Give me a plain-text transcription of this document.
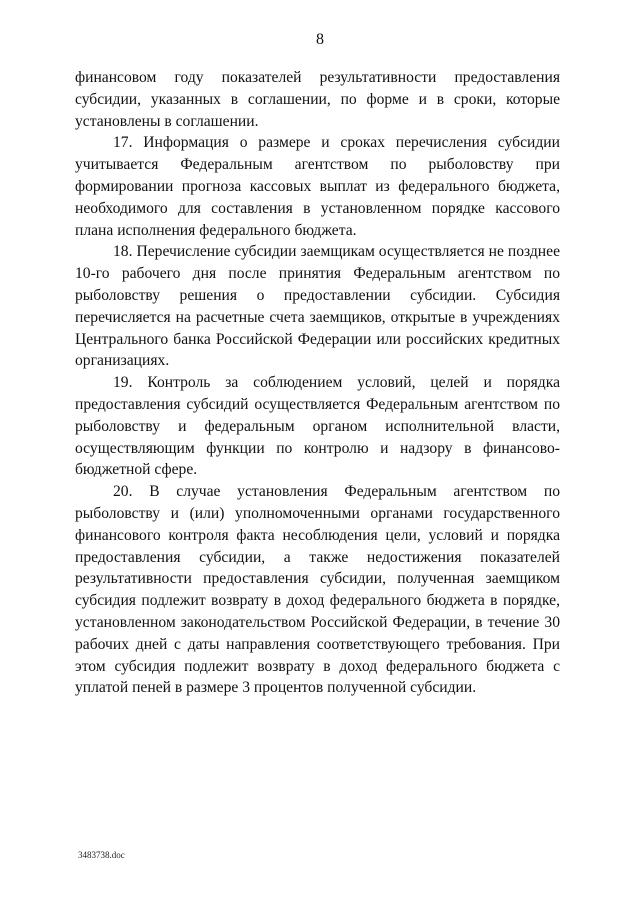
8

финансовом году показателей результативности предоставления субсидии, указанных в соглашении, по форме и в сроки, которые установлены в соглашении.

17. Информация о размере и сроках перечисления субсидии учитывается Федеральным агентством по рыболовству при формировании прогноза кассовых выплат из федерального бюджета, необходимого для составления в установленном порядке кассового плана исполнения федерального бюджета.

18. Перечисление субсидии заемщикам осуществляется не позднее 10-го рабочего дня после принятия Федеральным агентством по рыболовству решения о предоставлении субсидии. Субсидия перечисляется на расчетные счета заемщиков, открытые в учреждениях Центрального банка Российской Федерации или российских кредитных организациях.

19. Контроль за соблюдением условий, целей и порядка предоставления субсидий осуществляется Федеральным агентством по рыболовству и федеральным органом исполнительной власти, осуществляющим функции по контролю и надзору в финансово-бюджетной сфере.

20. В случае установления Федеральным агентством по рыболовству и (или) уполномоченными органами государственного финансового контроля факта несоблюдения цели, условий и порядка предоставления субсидии, а также недостижения показателей результативности предоставления субсидии, полученная заемщиком субсидия подлежит возврату в доход федерального бюджета в порядке, установленном законодательством Российской Федерации, в течение 30 рабочих дней с даты направления соответствующего требования. При этом субсидия подлежит возврату в доход федерального бюджета с уплатой пеней в размере 3 процентов полученной субсидии.

3483738.doc
